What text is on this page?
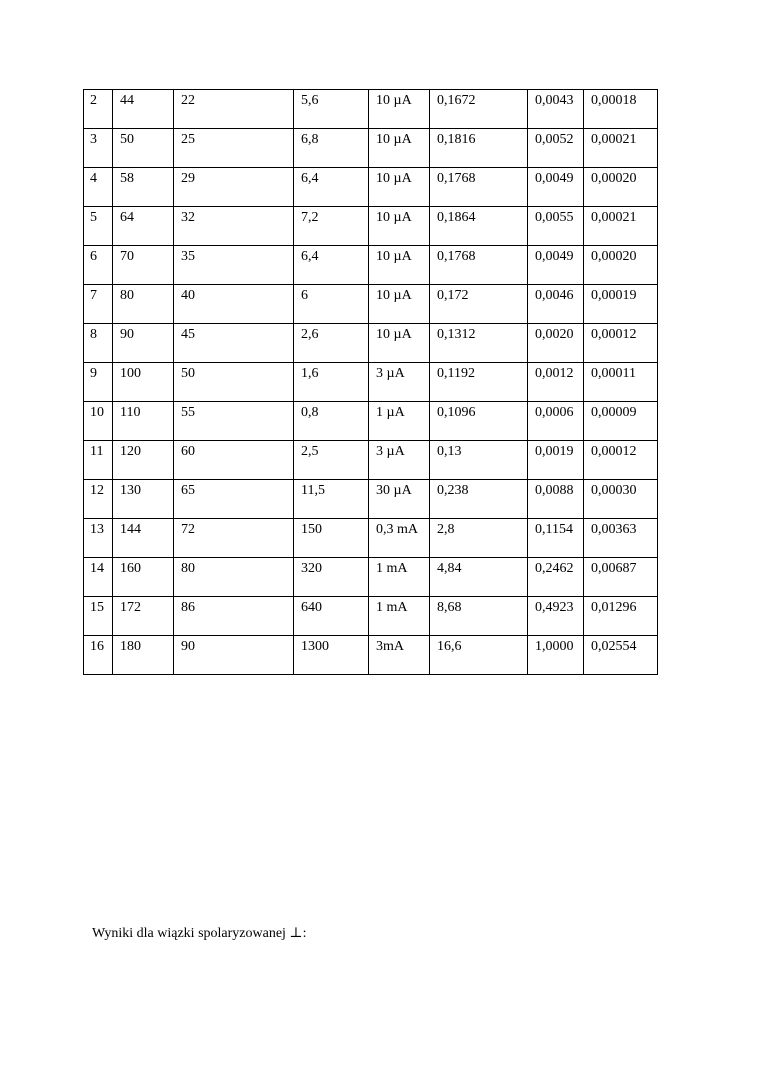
2	44	22	5,6	10 µA	0,1672	0,0043	0,00018
3	50	25	6,8	10 µA	0,1816	0,0052	0,00021
4	58	29	6,4	10 µA	0,1768	0,0049	0,00020
5	64	32	7,2	10 µA	0,1864	0,0055	0,00021
6	70	35	6,4	10 µA	0,1768	0,0049	0,00020
7	80	40	6	10 µA	0,172	0,0046	0,00019
8	90	45	2,6	10 µA	0,1312	0,0020	0,00012
9	100	50	1,6	3 µA	0,1192	0,0012	0,00011
10	110	55	0,8	1 µA	0,1096	0,0006	0,00009
11	120	60	2,5	3 µA	0,13	0,0019	0,00012
12	130	65	11,5	30 µA	0,238	0,0088	0,00030
13	144	72	150	0,3 mA	2,8	0,1154	0,00363
14	160	80	320	1 mA	4,84	0,2462	0,00687
15	172	86	640	1 mA	8,68	0,4923	0,01296
16	180	90	1300	3mA	16,6	1,0000	0,02554
Wyniki dla wiązki spolaryzowanej ⊥:
